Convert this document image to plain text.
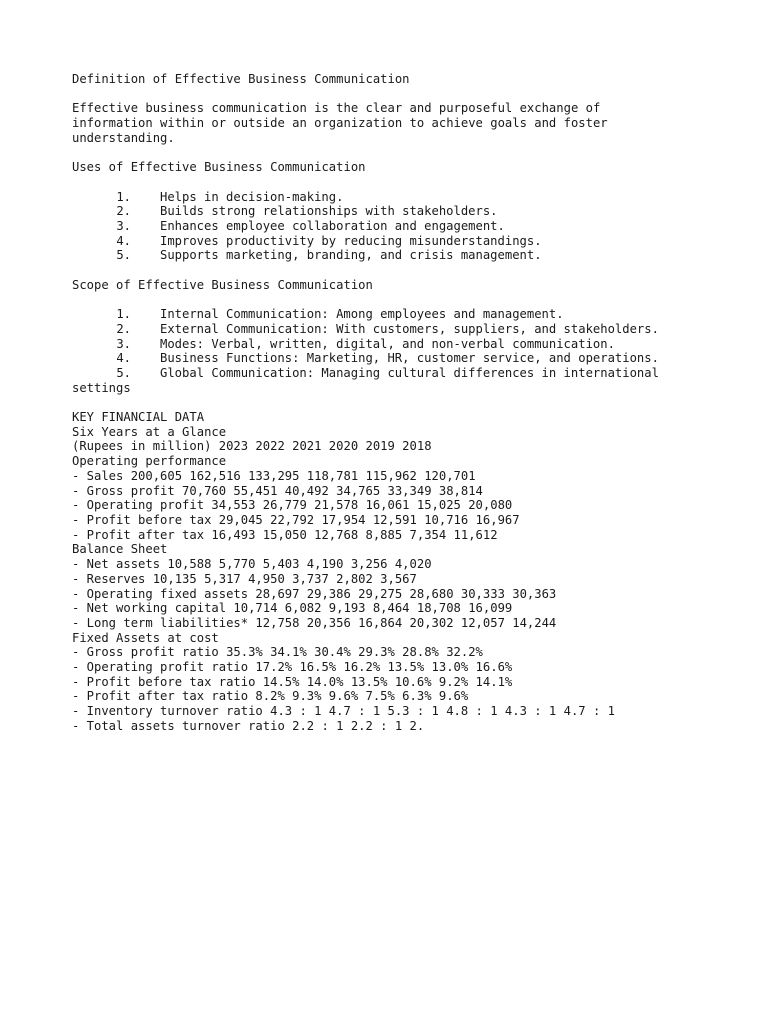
Definition of Effective Business Communication
Effective business communication is the clear and purposeful exchange of
information within or outside an organization to achieve goals and foster
understanding.
Uses of Effective Business Communication
1.	Helps in decision-making.
2.	Builds strong relationships with stakeholders.
3.	Enhances employee collaboration and engagement.
4.	Improves productivity by reducing misunderstandings.
5.	Supports marketing, branding, and crisis management.
Scope of Effective Business Communication
1.	Internal Communication: Among employees and management.
2.	External Communication: With customers, suppliers, and stakeholders.
3.	Modes: Verbal, written, digital, and non-verbal communication.
4.	Business Functions: Marketing, HR, customer service, and operations.
5.	Global Communication: Managing cultural differences in international
settings
KEY FINANCIAL DATA
Six Years at a Glance
(Rupees in million) 2023 2022 2021 2020 2019 2018
Operating performance
- Sales 200,605 162,516 133,295 118,781 115,962 120,701
- Gross profit 70,760 55,451 40,492 34,765 33,349 38,814
- Operating profit 34,553 26,779 21,578 16,061 15,025 20,080
- Profit before tax 29,045 22,792 17,954 12,591 10,716 16,967
- Profit after tax 16,493 15,050 12,768 8,885 7,354 11,612
Balance Sheet
- Net assets 10,588 5,770 5,403 4,190 3,256 4,020
- Reserves 10,135 5,317 4,950 3,737 2,802 3,567
- Operating fixed assets 28,697 29,386 29,275 28,680 30,333 30,363
- Net working capital 10,714 6,082 9,193 8,464 18,708 16,099
- Long term liabilities* 12,758 20,356 16,864 20,302 12,057 14,244
Fixed Assets at cost
- Gross profit ratio 35.3% 34.1% 30.4% 29.3% 28.8% 32.2%
- Operating profit ratio 17.2% 16.5% 16.2% 13.5% 13.0% 16.6%
- Profit before tax ratio 14.5% 14.0% 13.5% 10.6% 9.2% 14.1%
- Profit after tax ratio 8.2% 9.3% 9.6% 7.5% 6.3% 9.6%
- Inventory turnover ratio 4.3 : 1 4.7 : 1 5.3 : 1 4.8 : 1 4.3 : 1 4.7 : 1
- Total assets turnover ratio 2.2 : 1 2.2 : 1 2.
